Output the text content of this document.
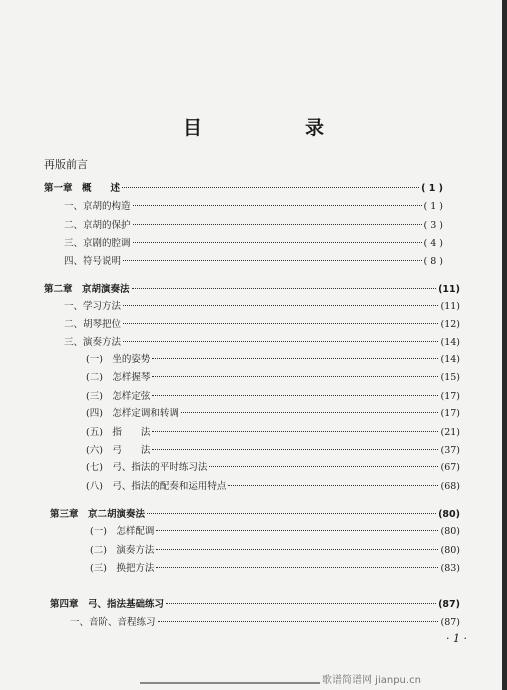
目　录
再版前言
第一章　概　　述	( 1 )
一、京胡的构造	( 1 )
二、京胡的保护	( 3 )
三、京剧的腔调	( 4 )
四、符号说明	( 8 )
第二章　京胡演奏法	(11)
一、学习方法	(11)
二、胡琴把位	(12)
三、演奏方法	(14)
(一)　坐的姿势	(14)
(二)　怎样握琴	(15)
(三)　怎样定弦	(17)
(四)　怎样定调和转调	(17)
(五)　指　　法	(21)
(六)　弓　　法	(37)
(七)　弓、指法的平时练习法	(67)
(八)　弓、指法的配奏和运用特点	(68)
第三章　京二胡演奏法	(80)
(一)　怎样配调	(80)
(二)　演奏方法	(80)
(三)　换把方法	(83)
第四章　弓、指法基础练习	(87)
一、音阶、音程练习	(87)
· 1 ·
歌谱简谱网 jianpu.cn
